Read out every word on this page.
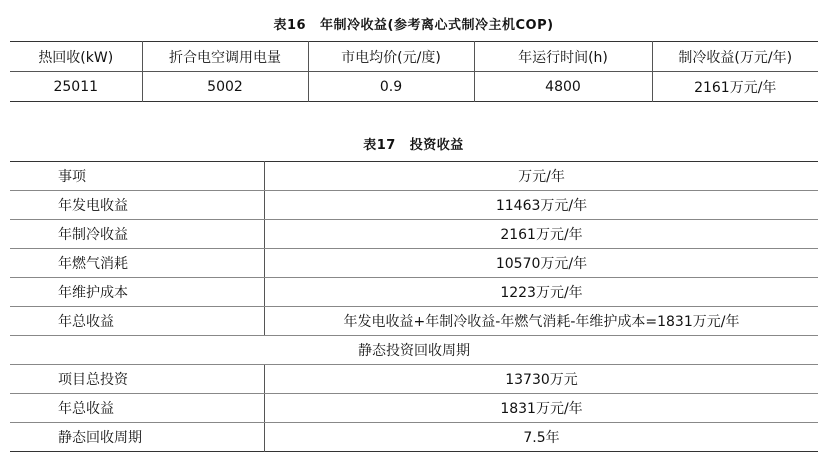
表16 年制冷收益(参考离心式制冷主机COP)
热回收(kW)	折合电空调用电量	市电均价(元/度)	年运行时间(h)	制冷收益(万元/年)
25011	5002	0.9	4800	2161万元/年
表17 投资收益
事项	万元/年
年发电收益	11463万元/年
年制冷收益	2161万元/年
年燃气消耗	10570万元/年
年维护成本	1223万元/年
年总收益	年发电收益+年制冷收益-年燃气消耗-年维护成本=1831万元/年
静态投资回收周期	
项目总投资	13730万元
年总收益	1831万元/年
静态回收周期	7.5年
